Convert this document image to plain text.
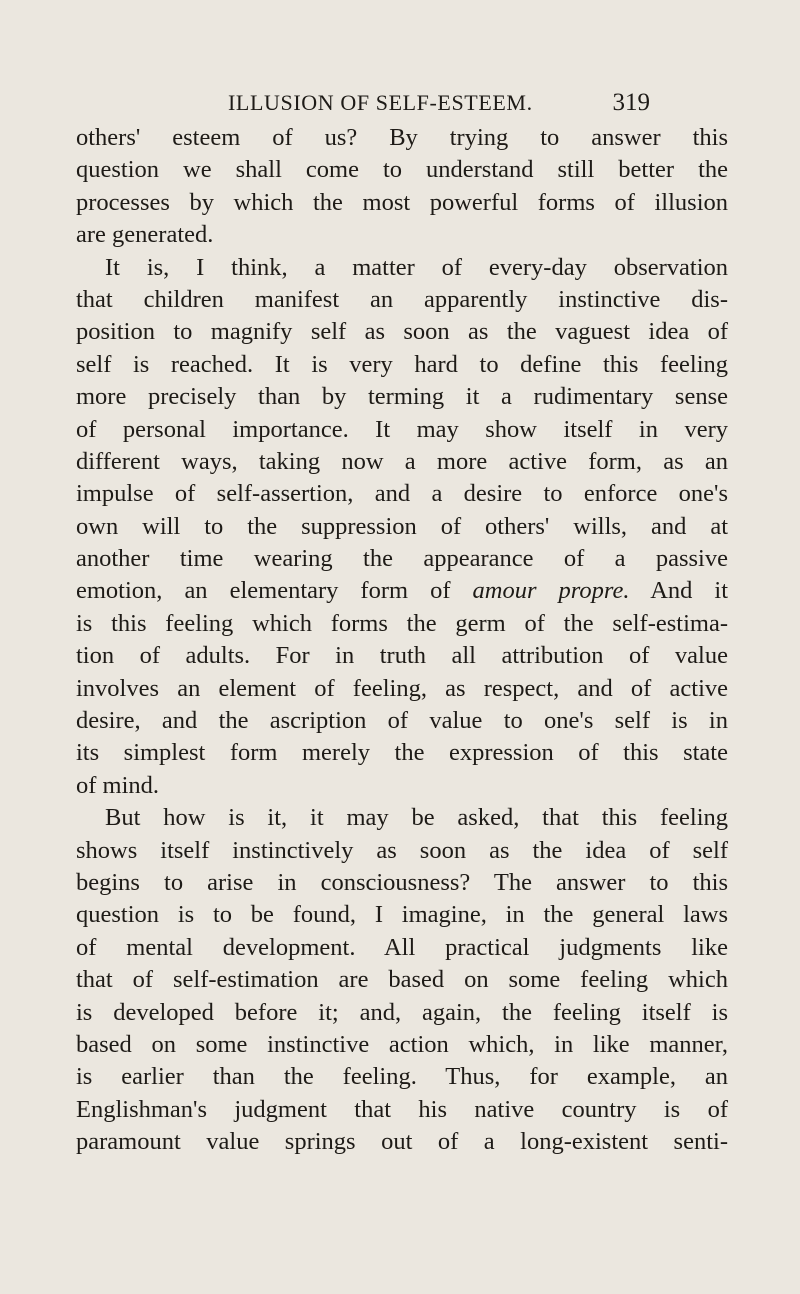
ILLUSION OF SELF-ESTEEM.	319
others' esteem of us? By trying to answer this
question we shall come to understand still better the
processes by which the most powerful forms of illusion
are generated.
It is, I think, a matter of every-day observation
that children manifest an apparently instinctive dis-
position to magnify self as soon as the vaguest idea of
self is reached. It is very hard to define this feeling
more precisely than by terming it a rudimentary sense
of personal importance. It may show itself in very
different ways, taking now a more active form, as an
impulse of self-assertion, and a desire to enforce one's
own will to the suppression of others' wills, and at
another time wearing the appearance of a passive
emotion, an elementary form of amour propre. And it
is this feeling which forms the germ of the self-estima-
tion of adults. For in truth all attribution of value
involves an element of feeling, as respect, and of active
desire, and the ascription of value to one's self is in
its simplest form merely the expression of this state
of mind.
But how is it, it may be asked, that this feeling
shows itself instinctively as soon as the idea of self
begins to arise in consciousness? The answer to this
question is to be found, I imagine, in the general laws
of mental development. All practical judgments like
that of self-estimation are based on some feeling which
is developed before it; and, again, the feeling itself is
based on some instinctive action which, in like manner,
is earlier than the feeling. Thus, for example, an
Englishman's judgment that his native country is of
paramount value springs out of a long-existent senti-
